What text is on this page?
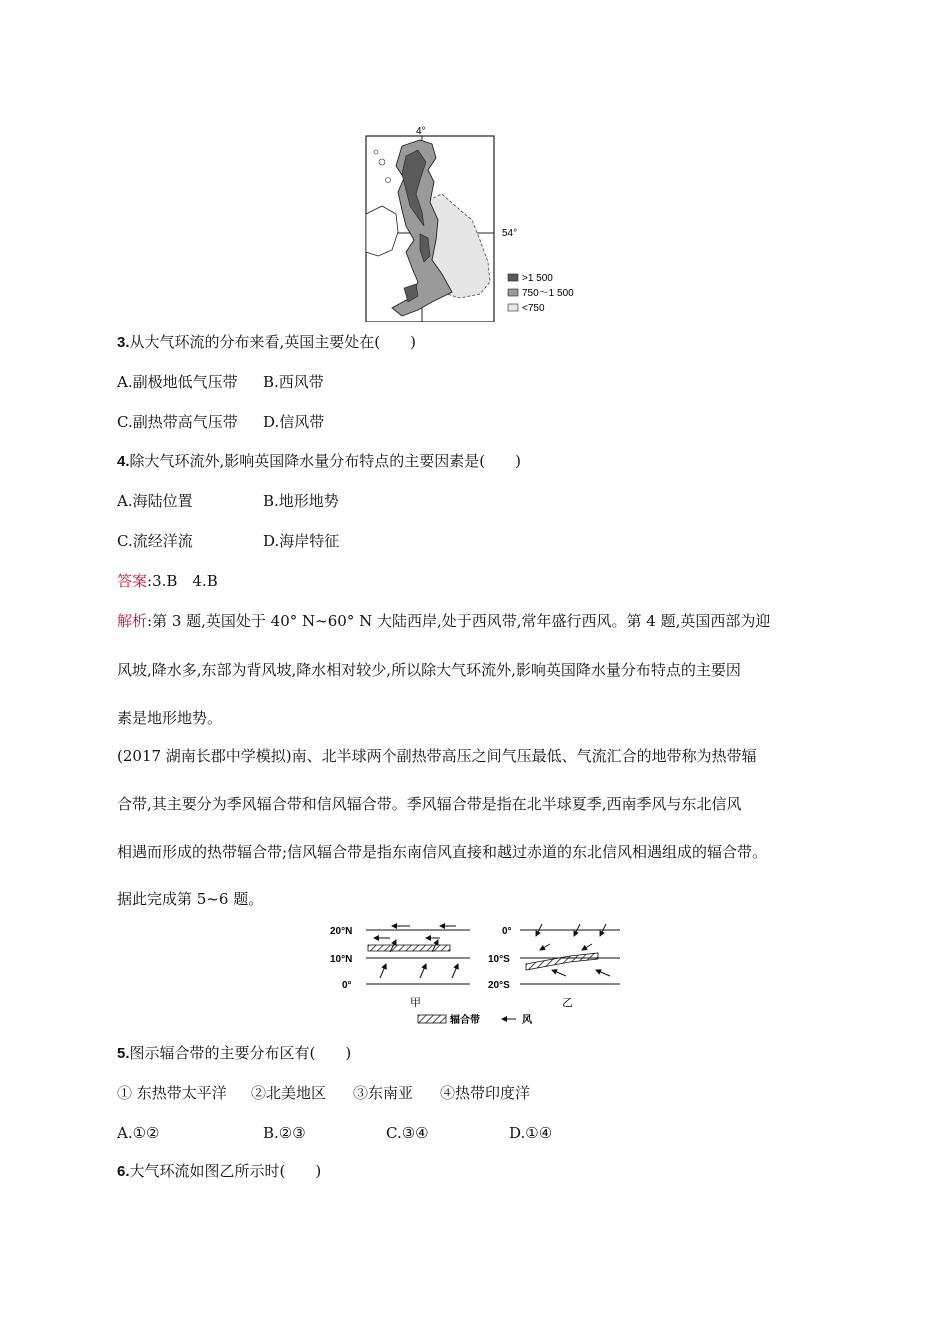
4°
54°
>1 500
750～1 500
<750
3.从大气环流的分布来看,英国主要处在(　　)
A.副极地低气压带 B.西风带
C.副热带高气压带 D.信风带
4.除大气环流外,影响英国降水量分布特点的主要因素是(　　)
A.海陆位置	B.地形地势
C.流经洋流	D.海岸特征
答案:3.B　4.B
解析:第 3 题,英国处于 40° N~60° N 大陆西岸,处于西风带,常年盛行西风。第 4 题,英国西部为迎
风坡,降水多,东部为背风坡,降水相对较少,所以除大气环流外,影响英国降水量分布特点的主要因
素是地形地势。
(2017 湖南长郡中学模拟)南、北半球两个副热带高压之间气压最低、气流汇合的地带称为热带辐
合带,其主要分为季风辐合带和信风辐合带。季风辐合带是指在北半球夏季,西南季风与东北信风
相遇而形成的热带辐合带;信风辐合带是指东南信风直接和越过赤道的东北信风相遇组成的辐合带。
据此完成第 5~6 题。
20°N
10°N
0°
甲
0°
10°S
20°S
乙
辐合带	风
5.图示辐合带的主要分布区有(　　)
① 东热带太平洋 ②北美地区 ③东南亚 ④热带印度洋
A.①②	B.②③	C.③④	D.①④
6.大气环流如图乙所示时(　　)
